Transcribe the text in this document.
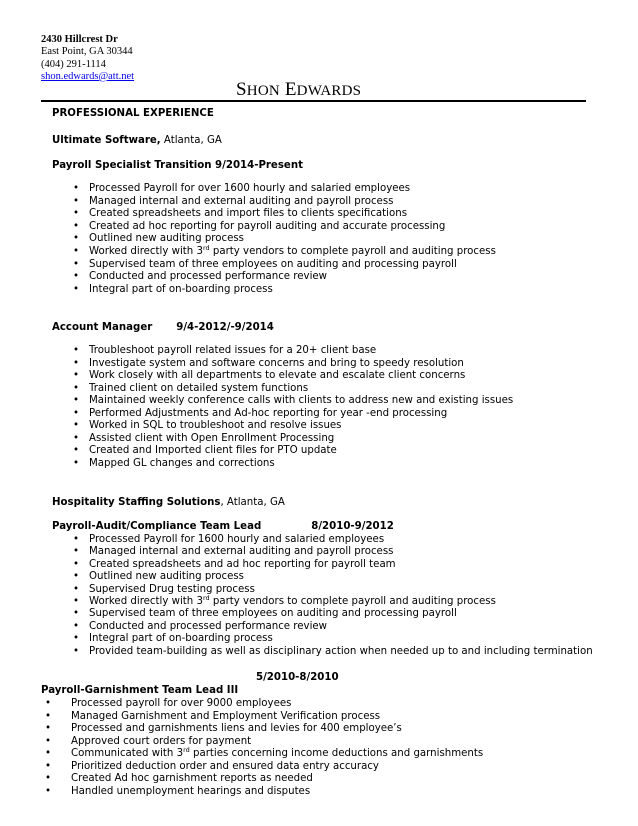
2430 Hillcrest Dr
East Point, GA 30344
(404) 291-1114
shon.edwards@att.net
SHON EDWARDS
PROFESSIONAL EXPERIENCE
Ultimate Software, Atlanta, GA
Payroll Specialist Transition 9/2014-Present
• Processed Payroll for over 1600 hourly and salaried employees
• Managed internal and external auditing and payroll process
• Created spreadsheets and import files to clients specifications
• Created ad hoc reporting for payroll auditing and accurate processing
• Outlined new auditing process
• Worked directly with 3rd party vendors to complete payroll and auditing process
• Supervised team of three employees on auditing and processing payroll
• Conducted and processed performance review
• Integral part of on-boarding process
Account Manager 9/4-2012/-9/2014
• Troubleshoot payroll related issues for a 20+ client base
• Investigate system and software concerns and bring to speedy resolution
• Work closely with all departments to elevate and escalate client concerns
• Trained client on detailed system functions
• Maintained weekly conference calls with clients to address new and existing issues
• Performed Adjustments and Ad-hoc reporting for year -end processing
• Worked in SQL to troubleshoot and resolve issues
• Assisted client with Open Enrollment Processing
• Created and Imported client files for PTO update
• Mapped GL changes and corrections
Hospitality Staffing Solutions, Atlanta, GA
Payroll-Audit/Compliance Team Lead	8/2010-9/2012
• Processed Payroll for 1600 hourly and salaried employees
• Managed internal and external auditing and payroll process
• Created spreadsheets and ad hoc reporting for payroll team
• Outlined new auditing process
• Supervised Drug testing process
• Worked directly with 3rd party vendors to complete payroll and auditing process
• Supervised team of three employees on auditing and processing payroll
• Conducted and processed performance review
• Integral part of on-boarding process
• Provided team-building as well as disciplinary action when needed up to and including termination
5/2010-8/2010
Payroll-Garnishment Team Lead III
• Processed payroll for over 9000 employees
• Managed Garnishment and Employment Verification process
• Processed and garnishments liens and levies for 400 employee’s
• Approved court orders for payment
• Communicated with 3rd parties concerning income deductions and garnishments
• Prioritized deduction order and ensured data entry accuracy
• Created Ad hoc garnishment reports as needed
• Handled unemployment hearings and disputes
